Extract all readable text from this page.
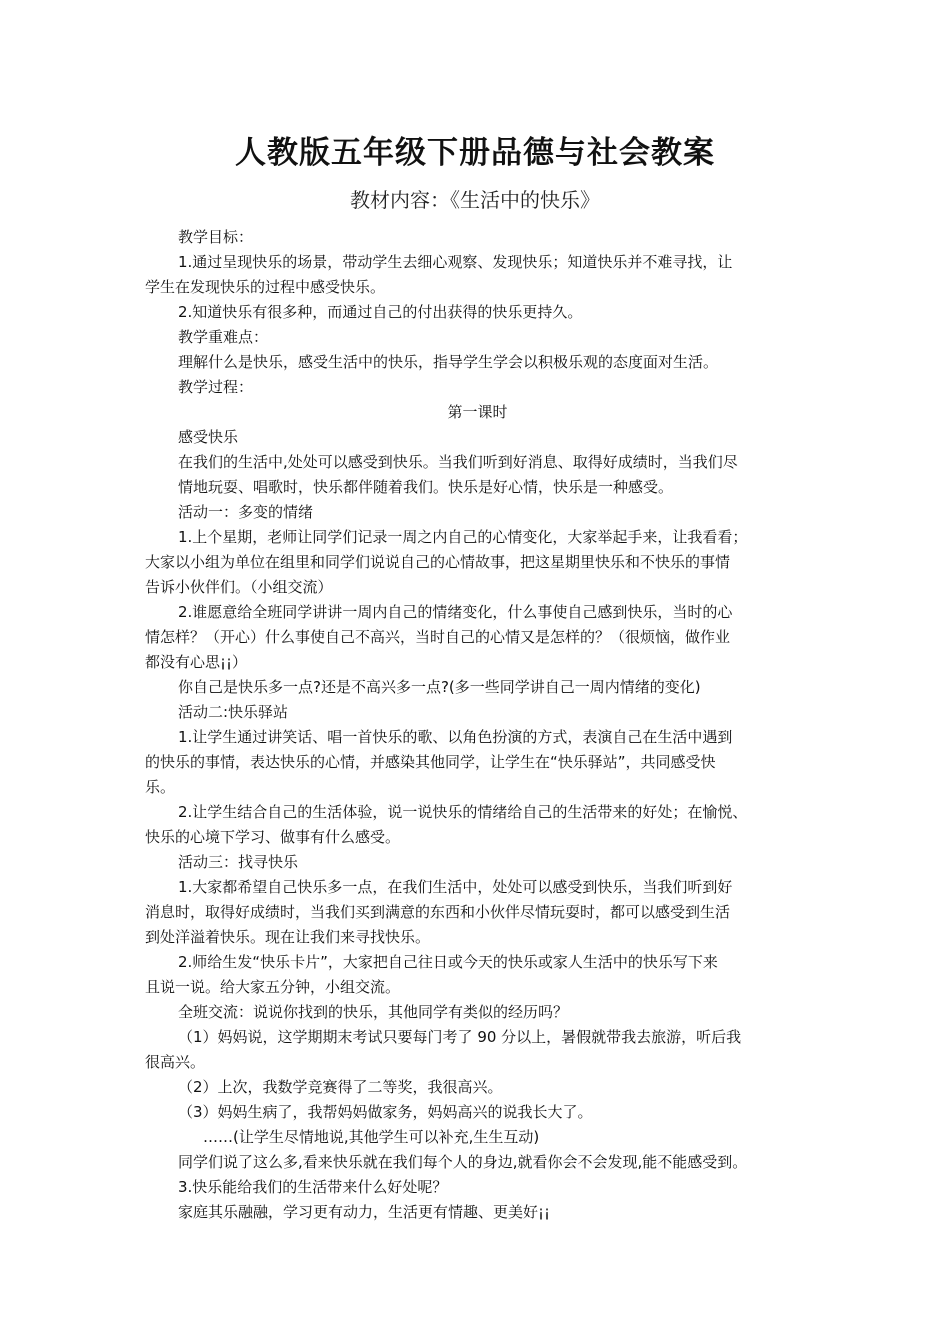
人教版五年级下册品德与社会教案
教材内容：《生活中的快乐》

教学目标：

1.通过呈现快乐的场景，带动学生去细心观察、发现快乐；知道快乐并不难寻找，让

学生在发现快乐的过程中感受快乐。

2.知道快乐有很多种，而通过自己的付出获得的快乐更持久。

教学重难点：

理解什么是快乐，感受生活中的快乐，指导学生学会以积极乐观的态度面对生活。

教学过程：

第一课时

感受快乐

在我们的生活中,处处可以感受到快乐。当我们听到好消息、取得好成绩时，当我们尽

情地玩耍、唱歌时，快乐都伴随着我们。快乐是好心情，快乐是一种感受。

活动一：多变的情绪

1.上个星期，老师让同学们记录一周之内自己的心情变化，大家举起手来，让我看看；

大家以小组为单位在组里和同学们说说自己的心情故事，把这星期里快乐和不快乐的事情

告诉小伙伴们。（小组交流）

2.谁愿意给全班同学讲讲一周内自己的情绪变化，什么事使自己感到快乐，当时的心

情怎样？（开心）什么事使自己不高兴，当时自己的心情又是怎样的？（很烦恼，做作业

都没有心思¡¡）

你自己是快乐多一点?还是不高兴多一点?(多一些同学讲自己一周内情绪的变化)

活动二:快乐驿站

1.让学生通过讲笑话、唱一首快乐的歌、以角色扮演的方式，表演自己在生活中遇到

的快乐的事情，表达快乐的心情，并感染其他同学，让学生在“快乐驿站”，共同感受快

乐。

2.让学生结合自己的生活体验，说一说快乐的情绪给自己的生活带来的好处；在愉悦、

快乐的心境下学习、做事有什么感受。

活动三：找寻快乐

1.大家都希望自己快乐多一点，在我们生活中，处处可以感受到快乐，当我们听到好

消息时，取得好成绩时，当我们买到满意的东西和小伙伴尽情玩耍时，都可以感受到生活

到处洋溢着快乐。现在让我们来寻找快乐。

2.师给生发“快乐卡片”，大家把自己往日或今天的快乐或家人生活中的快乐写下来

且说一说。给大家五分钟，小组交流。

全班交流：说说你找到的快乐，其他同学有类似的经历吗？

（1）妈妈说，这学期期末考试只要每门考了 90 分以上，暑假就带我去旅游，听后我

很高兴。

（2）上次，我数学竞赛得了二等奖，我很高兴。

（3）妈妈生病了，我帮妈妈做家务，妈妈高兴的说我长大了。

……(让学生尽情地说,其他学生可以补充,生生互动)

同学们说了这么多,看来快乐就在我们每个人的身边,就看你会不会发现,能不能感受到。

3.快乐能给我们的生活带来什么好处呢？

家庭其乐融融，学习更有动力，生活更有情趣、更美好¡¡
